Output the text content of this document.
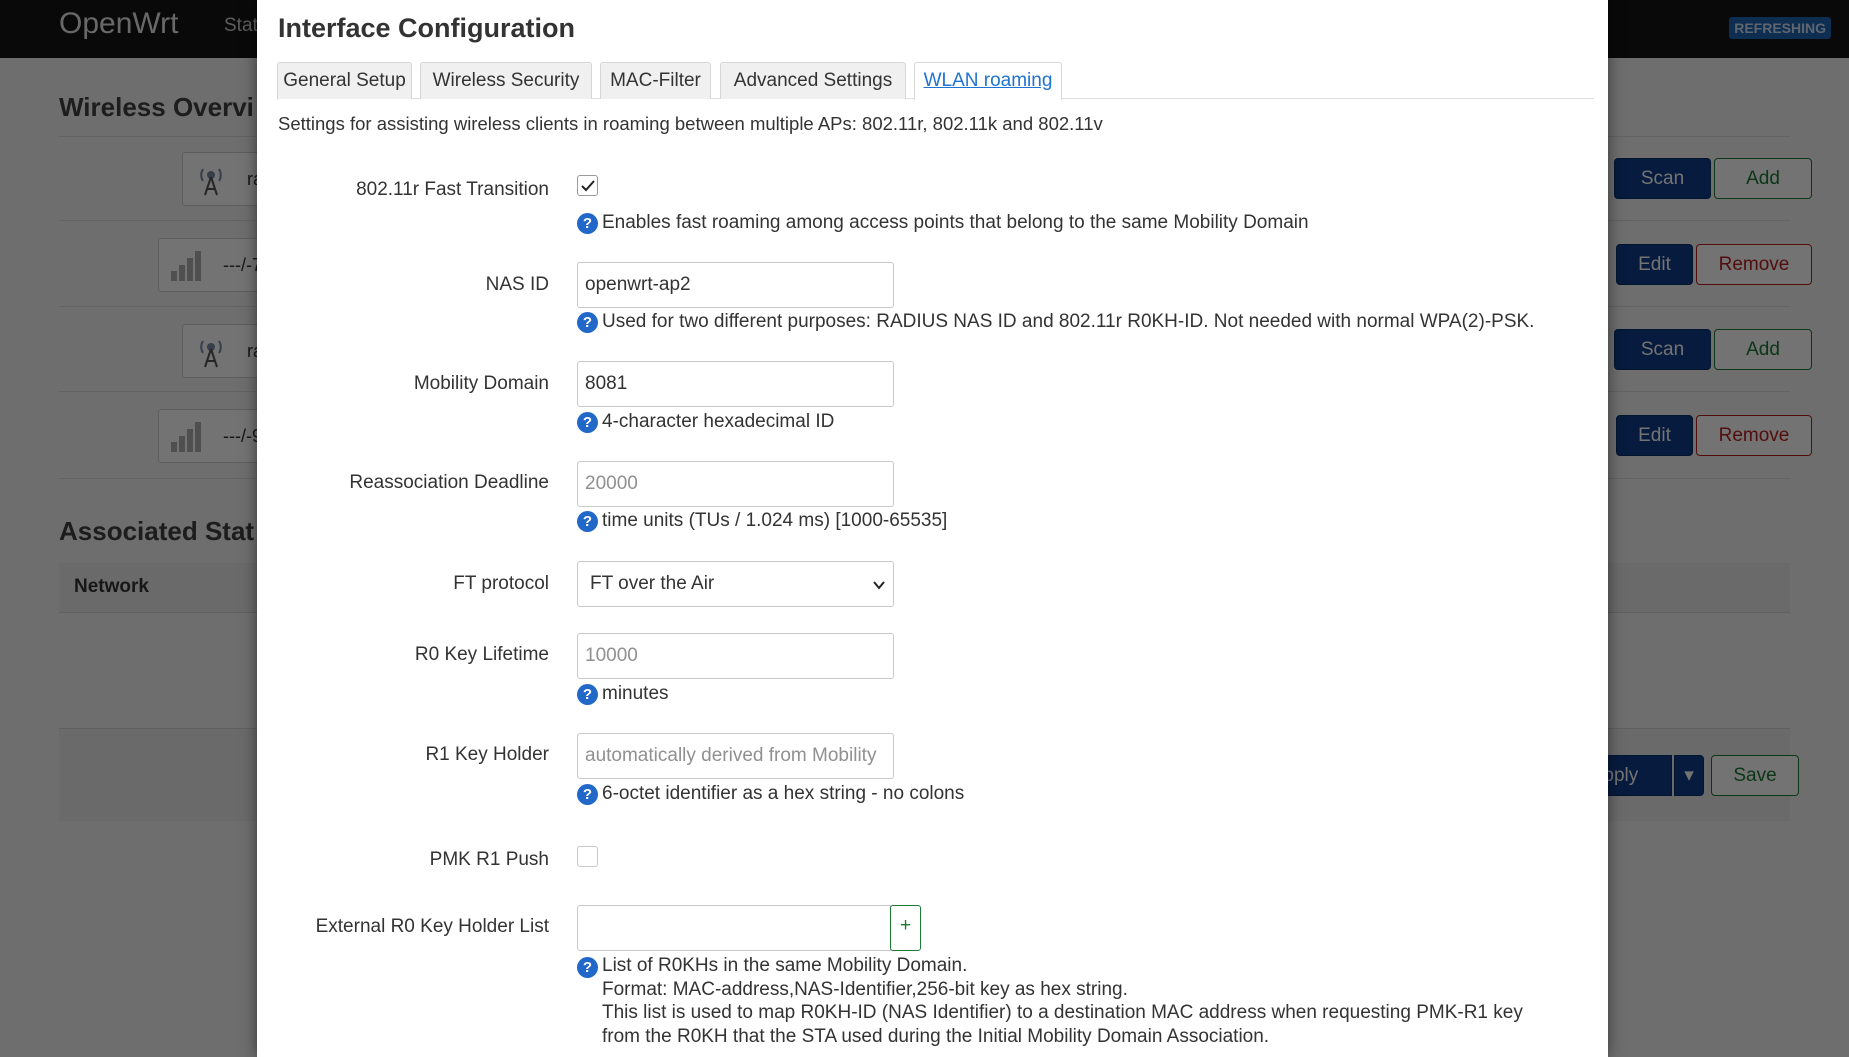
Interface Configuration
General Setup	Wireless Security	MAC-Filter	Advanced Settings	WLAN roaming
Settings for assisting wireless clients in roaming between multiple APs: 802.11r, 802.11k and 802.11v
802.11r Fast Transition
? Enables fast roaming among access points that belong to the same Mobility Domain
NAS ID
openwrt-ap2
? Used for two different purposes: RADIUS NAS ID and 802.11r R0KH-ID. Not needed with normal WPA(2)-PSK.
Mobility Domain
8081
? 4-character hexadecimal ID
Reassociation Deadline
20000
? time units (TUs / 1.024 ms) [1000-65535]
FT protocol	FT over the Air
R0 Key Lifetime
10000
? minutes
R1 Key Holder
automatically derived from Mobility
? 6-octet identifier as a hex string - no colons
PMK R1 Push
External R0 Key Holder List	+
? List of R0KHs in the same Mobility Domain.
Format: MAC-address,NAS-Identifier,256-bit key as hex string.
This list is used to map R0KH-ID (NAS Identifier) to a destination MAC address when requesting PMK-R1 key
from the R0KH that the STA used during the Initial Mobility Domain Association.
